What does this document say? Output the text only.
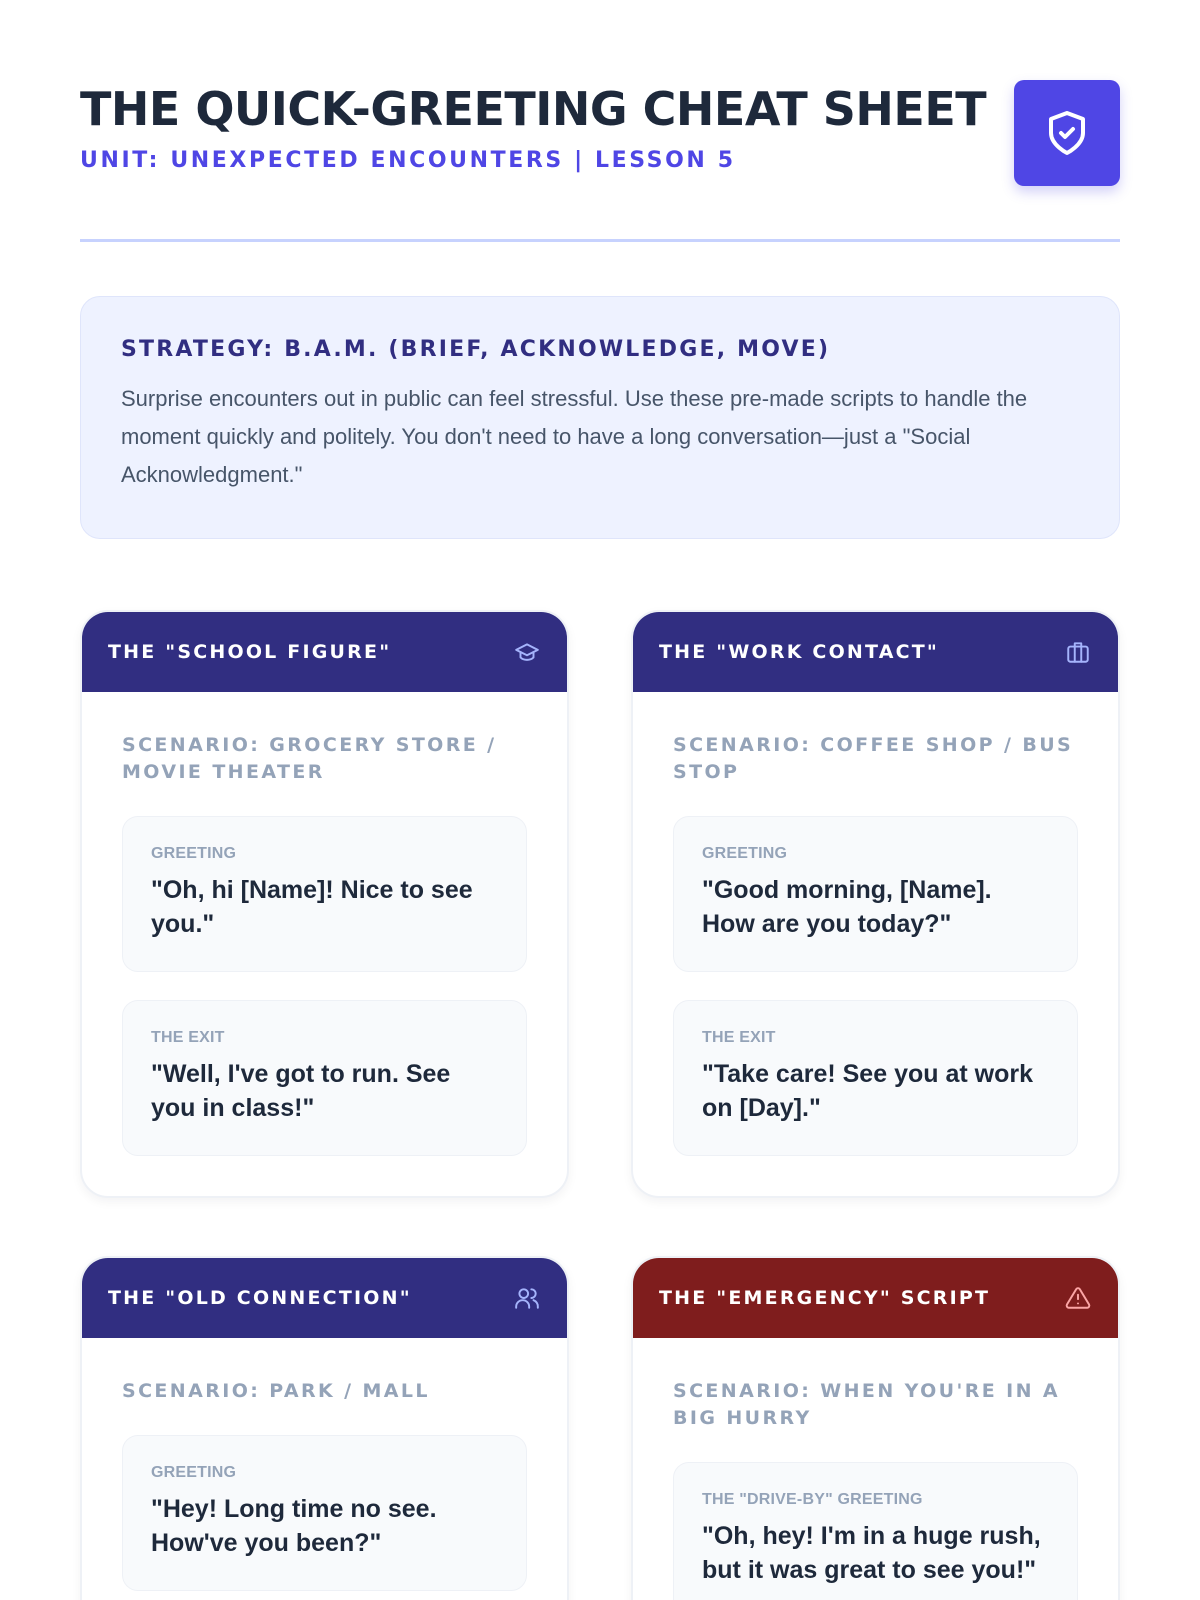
THE QUICK-GREETING CHEAT SHEET
UNIT: UNEXPECTED ENCOUNTERS | LESSON 5
STRATEGY: B.A.M. (BRIEF, ACKNOWLEDGE, MOVE)

Surprise encounters out in public can feel stressful. Use these pre-made scripts to handle the moment quickly and politely. You don't need to have a long conversation—just a "Social Acknowledgment."

THE "SCHOOL FIGURE"
SCENARIO: GROCERY STORE / MOVIE THEATER
GREETING
"Oh, hi [Name]! Nice to see you."
THE EXIT
"Well, I've got to run. See you in class!"
THE "WORK CONTACT"
SCENARIO: COFFEE SHOP / BUS STOP
GREETING
"Good morning, [Name]. How are you today?"
THE EXIT
"Take care! See you at work on [Day]."
THE "OLD CONNECTION"
SCENARIO: PARK / MALL
GREETING
"Hey! Long time no see. How've you been?"
THE "EMERGENCY" SCRIPT
SCENARIO: WHEN YOU'RE IN A BIG HURRY
THE "DRIVE-BY" GREETING
"Oh, hey! I'm in a huge rush, but it was great to see you!"
